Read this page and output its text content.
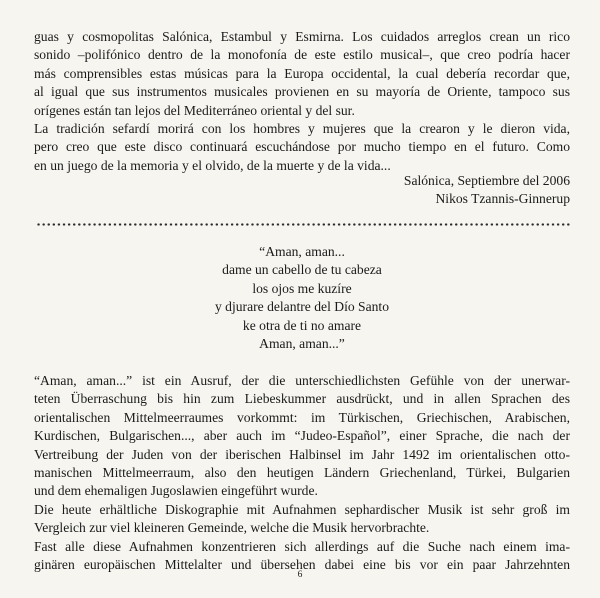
guas y cosmopolitas Salónica, Estambul y Esmirna. Los cuidados arreglos crean un rico
sonido –polifónico dentro de la monofonía de este estilo musical–, que creo podría hacer
más comprensibles estas músicas para la Europa occidental, la cual debería recordar que,
al igual que sus instrumentos musicales provienen en su mayoría de Oriente, tampoco sus
orígenes están tan lejos del Mediterráneo oriental y del sur.
La tradición sefardí morirá con los hombres y mujeres que la crearon y le dieron vida,
pero creo que este disco continuará escuchándose por mucho tiempo en el futuro. Como
en un juego de la memoria y el olvido, de la muerte y de la vida...
Salónica, Septiembre del 2006
Nikos Tzannis-Ginnerup
“Aman, aman...
dame un cabello de tu cabeza
los ojos me kuzíre
y djurare delantre del Dío Santo
ke otra de ti no amare
Aman, aman...”
“Aman, aman...” ist ein Ausruf, der die unterschiedlichsten Gefühle von der unerwar-
teten Überraschung bis hin zum Liebeskummer ausdrückt, und in allen Sprachen des
orientalischen Mittelmeerraumes vorkommt: im Türkischen, Griechischen, Arabischen,
Kurdischen, Bulgarischen..., aber auch im “Judeo-Español”, einer Sprache, die nach der
Vertreibung der Juden von der iberischen Halbinsel im Jahr 1492 im orientalischen otto-
manischen Mittelmeerraum, also den heutigen Ländern Griechenland, Türkei, Bulgarien
und dem ehemaligen Jugoslawien eingeführt wurde.
Die heute erhältliche Diskographie mit Aufnahmen sephardischer Musik ist sehr groß im
Vergleich zur viel kleineren Gemeinde, welche die Musik hervorbrachte.
Fast alle diese Aufnahmen konzentrieren sich allerdings auf die Suche nach einem ima-
ginären europäischen Mittelalter und übersehen dabei eine bis vor ein paar Jahrzehnten
6
